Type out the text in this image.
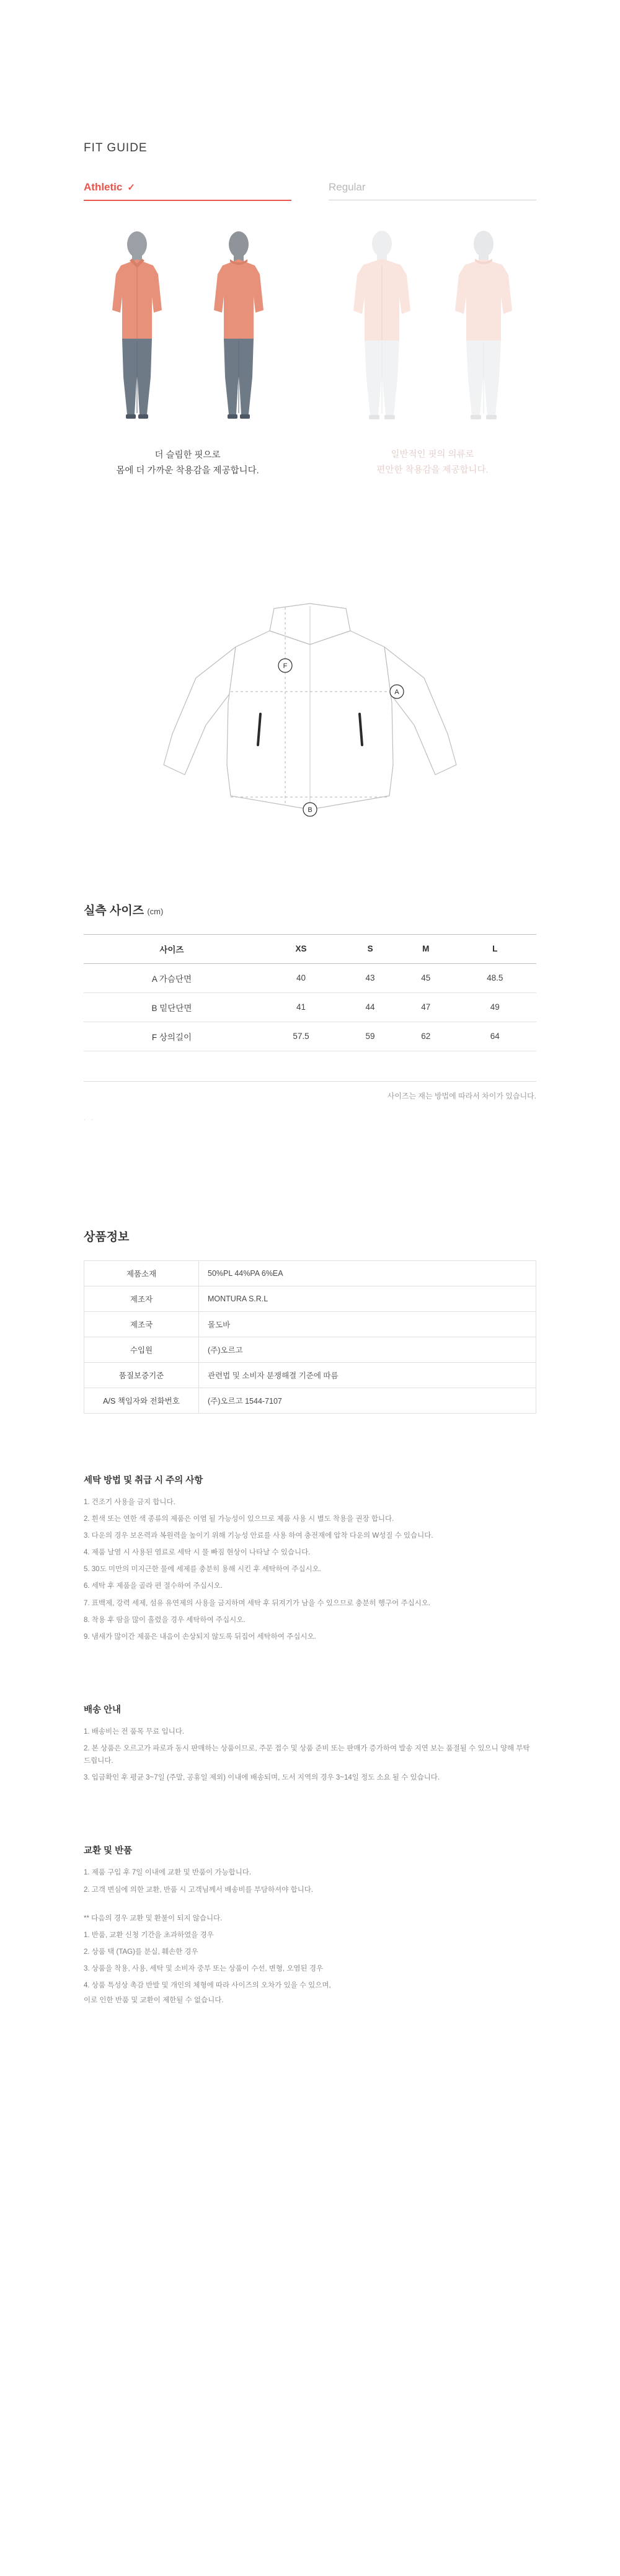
FIT GUIDE
Athletic ✓
더 슬림한 핏으로
몸에 더 가까운 착용감을 제공합니다.
Regular
일반적인 핏의 의류로
편안한 착용감을 제공합니다.
A
B
F
실측 사이즈 (cm)
사이즈	XS	S	M	L
A 가슴단면	40	43	45	48.5
B 밑단단면	41	44	47	49
F 상의길이	57.5	59	62	64
사이즈는 재는 방법에 따라서 차이가 있습니다.
. .
상품정보
제품소재	50%PL 44%PA 6%EA
제조자	MONTURA S.R.L
제조국	몰도바
수입원	(주)오르고
품질보증기준	관련법 및 소비자 분쟁해결 기준에 따름
A/S 책임자와 전화번호	(주)오르고 1544-7107
세탁 방법 및 취급 시 주의 사항

1. 건조기 사용을 금지 합니다.

2. 흰색 또는 연한 색 종류의 제품은 이염 될 가능성이 있으므로 제품 사용 시 별도 착용을 권장 합니다.

3. 다운의 경우 보온력과 복원력을 높이기 위해 기능성 안료를 사용 하여 충전재에 압착 다운의 W성질 수 있습니다.

4. 제품 날염 시 사용된 염료로 세탁 시 물 빠짐 현상이 나타날 수 있습니다.

5. 30도 미만의 미지근한 물에 세제를 충분히 용해 시킨 후 세탁하여 주십시오.

6. 세탁 후 제품을 골라 편 절수하여 주십시오.

7. 표백제, 강력 세제, 섬유 유연제의 사용을 금지하며 세탁 후 뒤져기가 남을 수 있으므로 충분히 헹구어 주십시오.

8. 착용 후 땀을 많이 흘렸을 경우 세탁하여 주십시오.

9. 냄새가 많이간 제품은 내음이 손상되지 않도록 뒤집어 세탁하여 주십시오.

배송 안내

1. 배송비는 전 품목 무료 입니다.

2. 본 상품은 오르고가 파로과 동시 판매하는 상품이므로, 주문 접수 및 상품 준비 또는 판매가 증가하여 발송 지연 보는 품절될 수 있으니 양해 부탁드립니다.

3. 입금확인 후 평균 3~7일 (주말, 공휴일 제외) 이내에 배송되며, 도서 지역의 경우 3~14일 정도 소요 될 수 있습니다.

교환 및 반품

1. 제품 구입 후 7일 이내에 교환 및 반품이 가능합니다.

2. 고객 변심에 의한 교환, 반품 시 고객님께서 배송비를 부담하셔야 합니다.

** 다음의 경우 교환 및 환불이 되지 않습니다.

1. 반품, 교환 신청 기간을 초과하였을 경우

2. 상품 택 (TAG)를 분실, 훼손한 경우

3. 상품을 착용, 사용, 세탁 및 소비자 중부 또는 상품이 수선, 변형, 오염된 경우

4. 상품 특성상 촉감 반발 및 개인의 체형에 따라 사이즈의 오차가 있을 수 있으며,

이로 인한 반품 및 교환이 제한될 수 없습니다.
